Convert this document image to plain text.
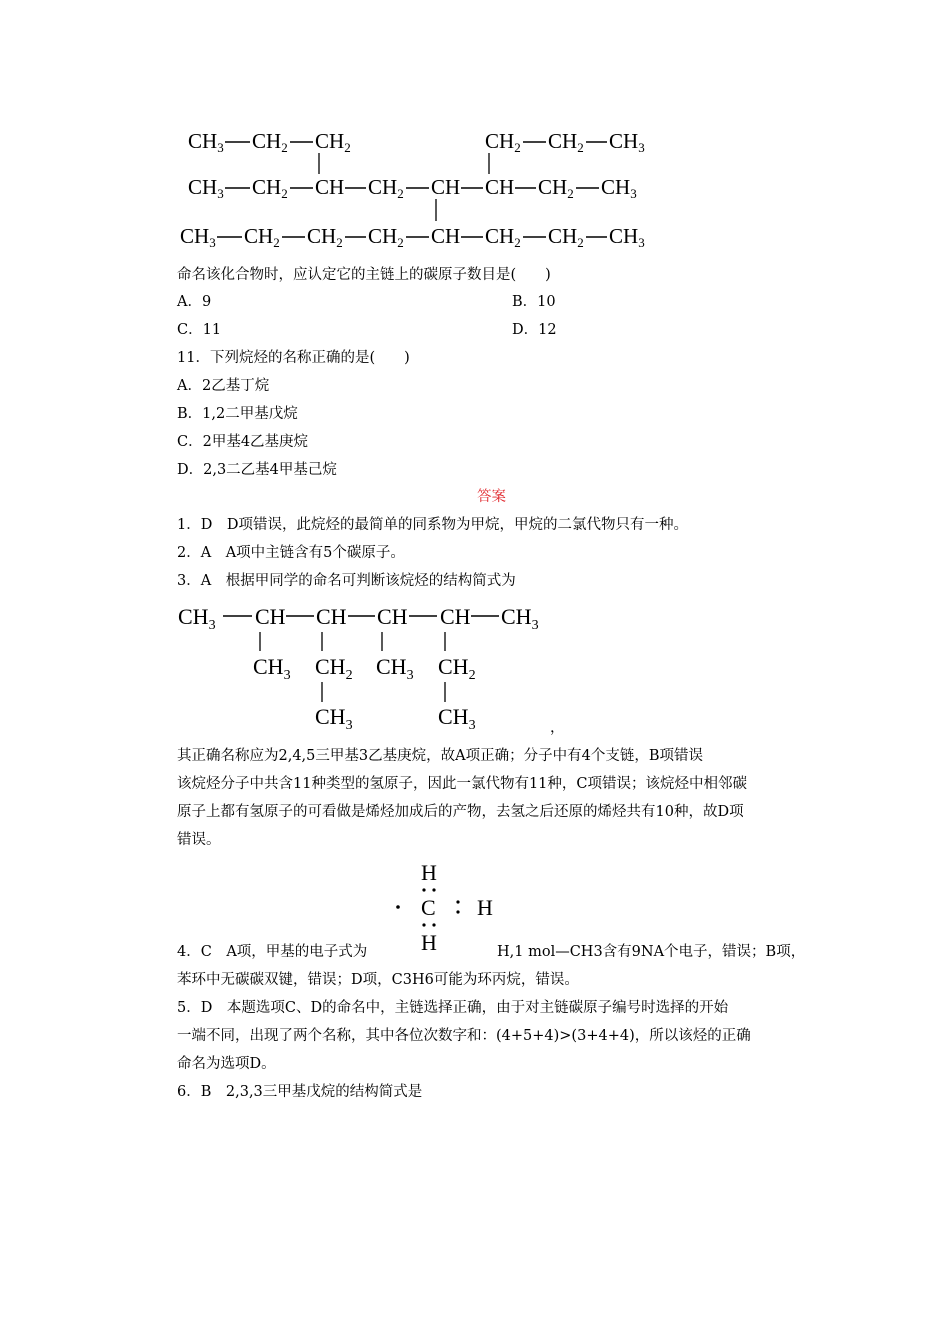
CH3 CH2 CH2	CH2 CH2 CH3
CH3 CH2 CH CH2 CH CH CH2 CH3
CH3 CH2 CH2 CH2 CH CH2 CH2 CH3
命名该化合物时，应认定它的主链上的碳原子数目是(　　)
A．9	B．10
C．11	D．12
11．下列烷烃的名称正确的是(　　)
A．2乙基丁烷
B．1,2二甲基戊烷
C．2甲基4乙基庚烷
D．2,3二乙基4甲基己烷
答案
1．D　D项错误，此烷烃的最简单的同系物为甲烷，甲烷的二氯代物只有一种。
2．A　A项中主链含有5个碳原子。
3．A　根据甲同学的命名可判断该烷烃的结构简式为
$CH_3$ CH CH CH CH $CH_3$
$CH_3$ $CH_2$ $CH_3$ $CH_2$
$CH_3$	$CH_3$	，
其正确名称应为2,4,5三甲基3乙基庚烷，故A项正确；分子中有4个支链，B项错误
该烷烃分子中共含11种类型的氢原子，因此一氯代物有11种，C项错误；该烷烃中相邻碳
原子上都有氢原子的可看做是烯烃加成后的产物，去氢之后还原的烯烃共有10种，故D项
错误。
H
C H
H
4．C　A项，甲基的电子式为	H,1 mol—CH3含有9NA个电子，错误；B项，
苯环中无碳碳双键，错误；D项，C3H6可能为环丙烷，错误。
5．D　本题选项C、D的命名中，主链选择正确，由于对主链碳原子编号时选择的开始
一端不同，出现了两个名称，其中各位次数字和：(4+5+4)>(3+4+4)，所以该烃的正确
命名为选项D。
6．B　2,3,3三甲基戊烷的结构简式是
